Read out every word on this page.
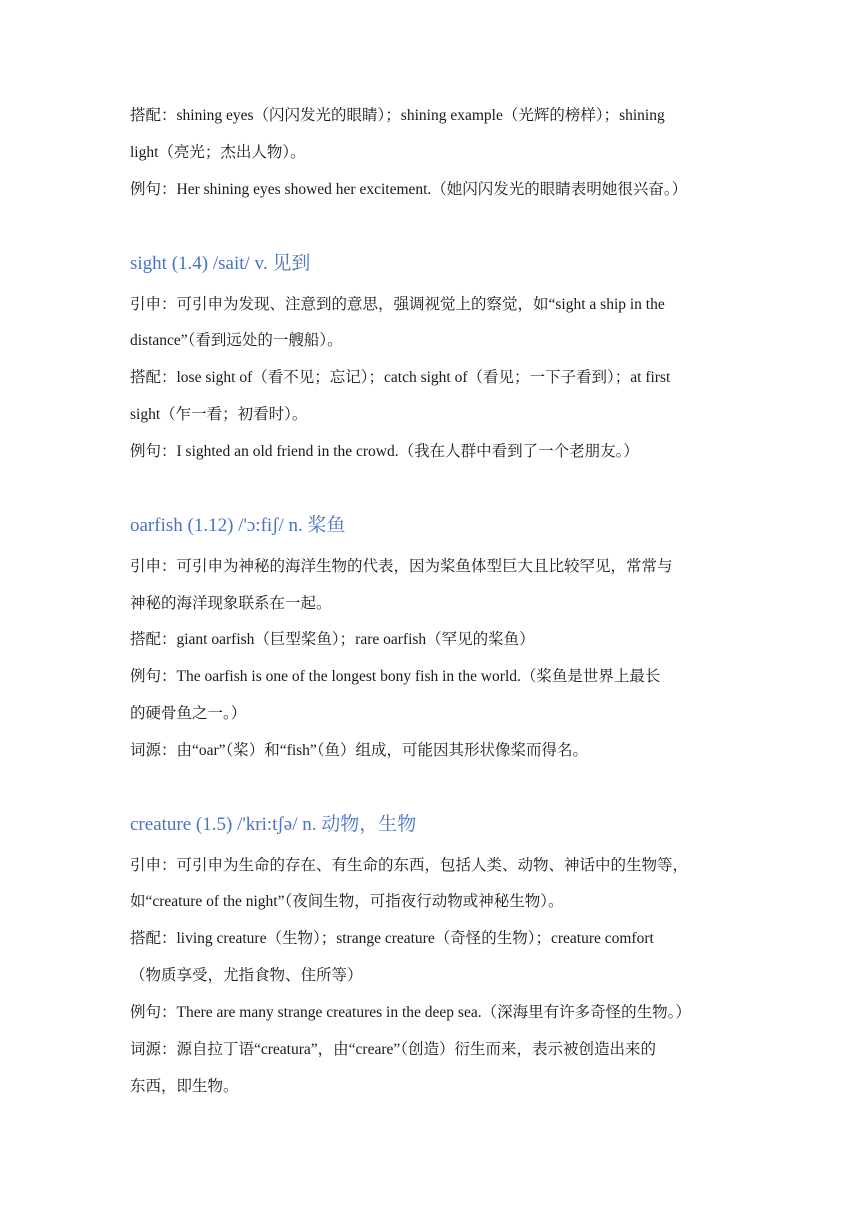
搭配：shining eyes（闪闪发光的眼睛）；shining example（光辉的榜样）；shining
light（亮光；杰出人物）。
例句：Her shining eyes showed her excitement.（她闪闪发光的眼睛表明她很兴奋。）
sight (1.4) /sait/ v. 见到
引申：可引申为发现、注意到的意思，强调视觉上的察觉，如“sight a ship in the
distance”（看到远处的一艘船）。
搭配：lose sight of（看不见；忘记）；catch sight of（看见；一下子看到）；at first
sight（乍一看；初看时）。
例句：I sighted an old friend in the crowd.（我在人群中看到了一个老朋友。）
oarfish (1.12) /'ɔ:fiʃ/ n. 桨鱼
引申：可引申为神秘的海洋生物的代表，因为桨鱼体型巨大且比较罕见，常常与
神秘的海洋现象联系在一起。
搭配：giant oarfish（巨型桨鱼）；rare oarfish（罕见的桨鱼）
例句：The oarfish is one of the longest bony fish in the world.（桨鱼是世界上最长
的硬骨鱼之一。）
词源：由“oar”（桨）和“fish”（鱼）组成，可能因其形状像桨而得名。
creature (1.5) /'kri:tʃə/ n. 动物，生物
引申：可引申为生命的存在、有生命的东西，包括人类、动物、神话中的生物等，
如“creature of the night”（夜间生物，可指夜行动物或神秘生物）。
搭配：living creature（生物）；strange creature（奇怪的生物）；creature comfort
（物质享受，尤指食物、住所等）
例句：There are many strange creatures in the deep sea.（深海里有许多奇怪的生物。）
词源：源自拉丁语“creatura”，由“creare”（创造）衍生而来，表示被创造出来的
东西，即生物。
